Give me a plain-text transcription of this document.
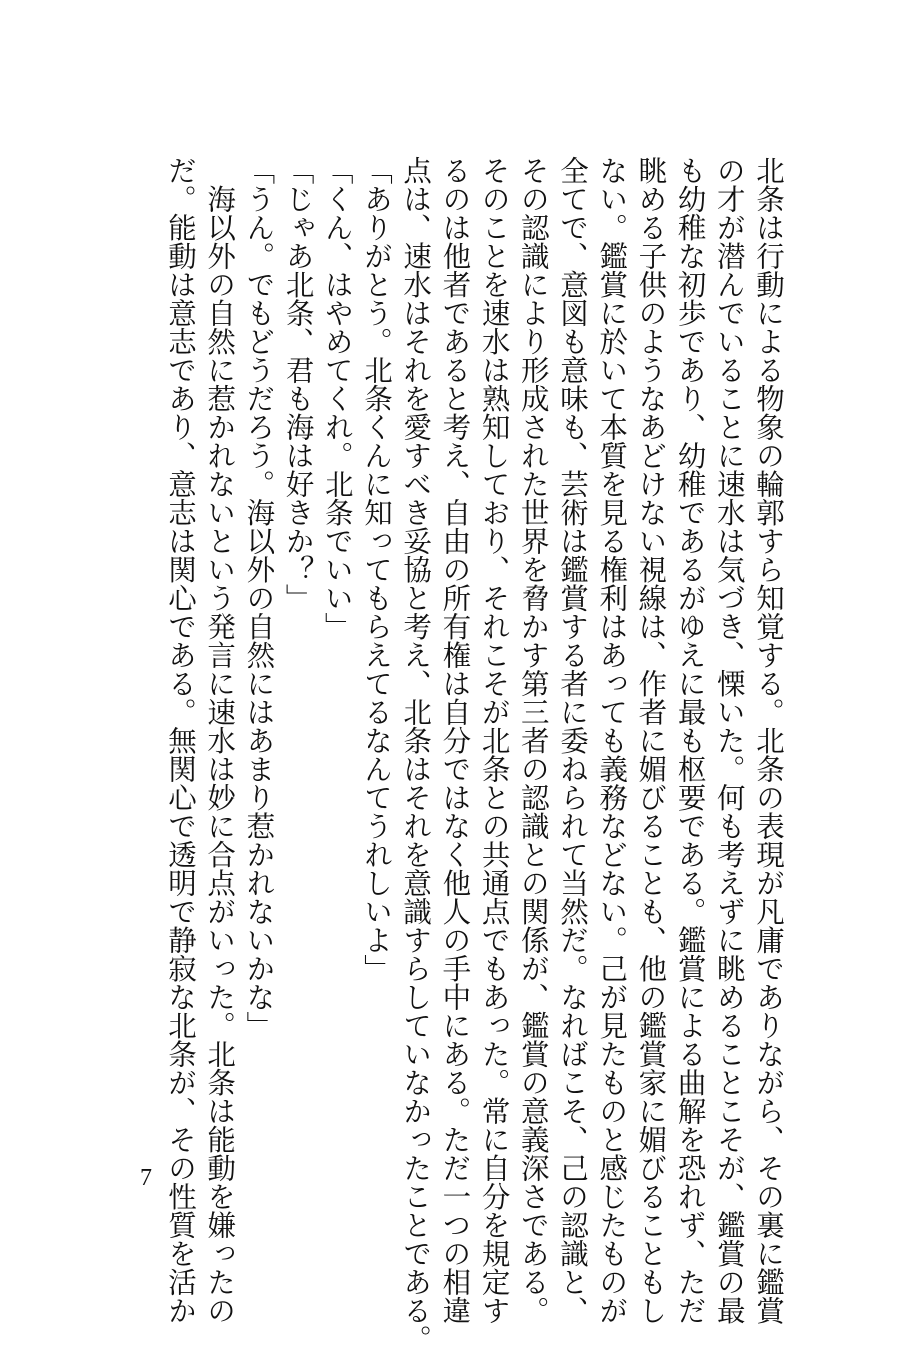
北条は行動による物象の輪郭すら知覚する。北条の表現が凡庸でありながら、その裏に鑑賞
の才が潜んでいることに速水は気づき、慄いた。何も考えずに眺めることこそが、鑑賞の最
も幼稚な初歩であり、幼稚であるがゆえに最も枢要である。鑑賞による曲解を恐れず、ただ
眺める子供のようなあどけない視線は、作者に媚びることも、他の鑑賞家に媚びることもし
ない。鑑賞に於いて本質を見る権利はあっても義務などない。己が見たものと感じたものが
全てで、意図も意味も、芸術は鑑賞する者に委ねられて当然だ。なればこそ、己の認識と、
その認識により形成された世界を脅かす第三者の認識との関係が、鑑賞の意義深さである。
そのことを速水は熟知しており、それこそが北条との共通点でもあった。常に自分を規定す
るのは他者であると考え、自由の所有権は自分ではなく他人の手中にある。ただ一つの相違
点は、速水はそれを愛すべき妥協と考え、北条はそれを意識すらしていなかったことである。
「ありがとう。北条くんに知ってもらえてるなんてうれしいよ」
「くん、はやめてくれ。北条でいい」
「じゃあ北条、君も海は好きか？」
「うん。でもどうだろう。海以外の自然にはあまり惹かれないかな」
　海以外の自然に惹かれないという発言に速水は妙に合点がいった。北条は能動を嫌ったの
だ。能動は意志であり、意志は関心である。無関心で透明で静寂な北条が、その性質を活か
7
